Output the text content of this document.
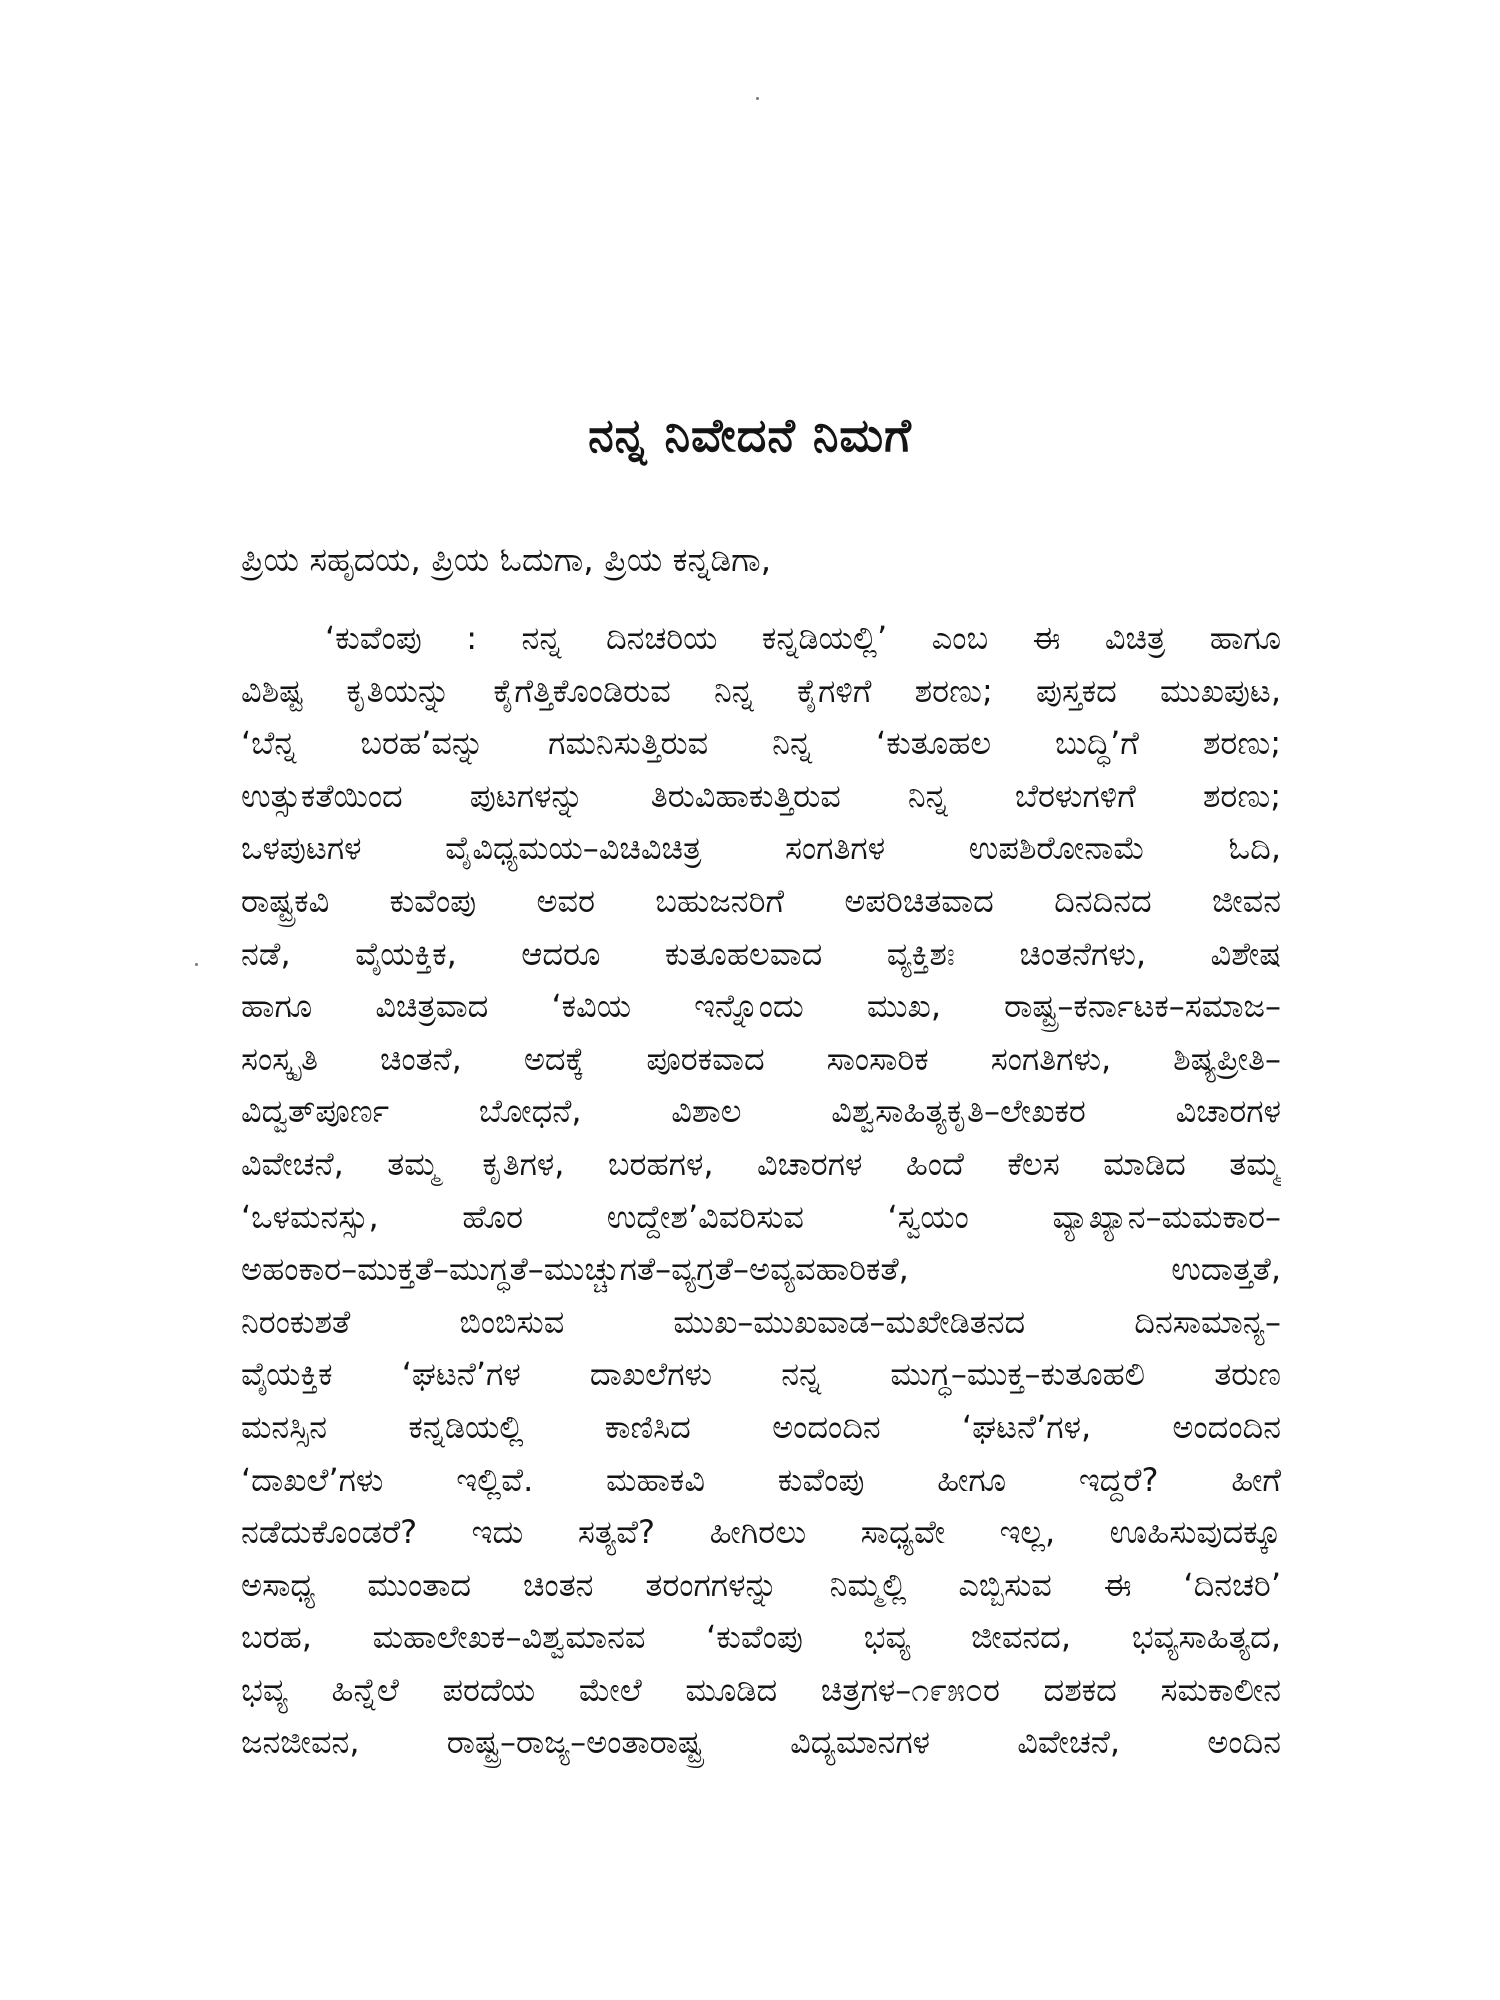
ನನ್ನ ನಿವೇದನೆ ನಿಮಗೆ
ಪ್ರಿಯ ಸಹೃದಯ, ಪ್ರಿಯ ಓದುಗಾ, ಪ್ರಿಯ ಕನ್ನಡಿಗಾ,
‘ಕುವೆಂಪು : ನನ್ನ ದಿನಚರಿಯ ಕನ್ನಡಿಯಲ್ಲಿ’ ಎಂಬ ಈ ವಿಚಿತ್ರ ಹಾಗೂ
ವಿಶಿಷ್ಟ ಕೃತಿಯನ್ನು ಕೈಗೆತ್ತಿಕೊಂಡಿರುವ ನಿನ್ನ ಕೈಗಳಿಗೆ ಶರಣು; ಪುಸ್ತಕದ ಮುಖಪುಟ,
‘ಬೆನ್ನ ಬರಹ’ವನ್ನು ಗಮನಿಸುತ್ತಿರುವ ನಿನ್ನ ‘ಕುತೂಹಲ ಬುದ್ಧಿ’ಗೆ ಶರಣು;
ಉತ್ಸುಕತೆಯಿಂದ ಪುಟಗಳನ್ನು ತಿರುವಿಹಾಕುತ್ತಿರುವ ನಿನ್ನ ಬೆರಳುಗಳಿಗೆ ಶರಣು;
ಒಳಪುಟಗಳ ವೈವಿಧ್ಯಮಯ–ವಿಚಿವಿಚಿತ್ರ ಸಂಗತಿಗಳ ಉಪಶಿರೋನಾಮೆ ಓದಿ,
ರಾಷ್ಟ್ರಕವಿ ಕುವೆಂಪು ಅವರ ಬಹುಜನರಿಗೆ ಅಪರಿಚಿತವಾದ ದಿನದಿನದ ಜೀವನ
ನಡೆ, ವೈಯಕ್ತಿಕ, ಆದರೂ ಕುತೂಹಲವಾದ ವ್ಯಕ್ತಿಶಃ ಚಿಂತನೆಗಳು, ವಿಶೇಷ
ಹಾಗೂ ವಿಚಿತ್ರವಾದ ‘ಕವಿಯ ಇನ್ನೊಂದು ಮುಖ, ರಾಷ್ಟ್ರ–ಕರ್ನಾಟಕ–ಸಮಾಜ–
ಸಂಸ್ಕೃತಿ ಚಿಂತನೆ, ಅದಕ್ಕೆ ಪೂರಕವಾದ ಸಾಂಸಾರಿಕ ಸಂಗತಿಗಳು, ಶಿಷ್ಯಪ್ರೀತಿ–
ವಿದ್ವತ್‌ಪೂರ್ಣ ಬೋಧನೆ, ವಿಶಾಲ ವಿಶ್ವಸಾಹಿತ್ಯಕೃತಿ–ಲೇಖಕರ ವಿಚಾರಗಳ
ವಿವೇಚನೆ, ತಮ್ಮ ಕೃತಿಗಳ, ಬರಹಗಳ, ವಿಚಾರಗಳ ಹಿಂದೆ ಕೆಲಸ ಮಾಡಿದ ತಮ್ಮ
‘ಒಳಮನಸ್ಸು, ಹೊರ ಉದ್ದೇಶ’ವಿವರಿಸುವ ‘ಸ್ವಯಂ ವ್ಯಾಖ್ಯಾನ–ಮಮಕಾರ–
ಅಹಂಕಾರ–ಮುಕ್ತತೆ–ಮುಗ್ಧತೆ–ಮುಚ್ಚುಗತೆ–ವ್ಯಗ್ರತೆ–ಅವ್ಯವಹಾರಿಕತೆ, ಉದಾತ್ತತೆ,
ನಿರಂಕುಶತೆ ಬಿಂಬಿಸುವ ಮುಖ–ಮುಖವಾಡ–ಮಖೇಡಿತನದ ದಿನಸಾಮಾನ್ಯ–
ವೈಯಕ್ತಿಕ ‘ಘಟನೆ’ಗಳ ದಾಖಲೆಗಳು ನನ್ನ ಮುಗ್ಧ–ಮುಕ್ತ–ಕುತೂಹಲಿ ತರುಣ
ಮನಸ್ಸಿನ ಕನ್ನಡಿಯಲ್ಲಿ ಕಾಣಿಸಿದ ಅಂದಂದಿನ ‘ಘಟನೆ’ಗಳ, ಅಂದಂದಿನ
‘ದಾಖಲೆ’ಗಳು ಇಲ್ಲಿವೆ. ಮಹಾಕವಿ ಕುವೆಂಪು ಹೀಗೂ ಇದ್ದರೆ? ಹೀಗೆ
ನಡೆದುಕೊಂಡರೆ? ಇದು ಸತ್ಯವೆ? ಹೀಗಿರಲು ಸಾಧ್ಯವೇ ಇಲ್ಲ, ಊಹಿಸುವುದಕ್ಕೂ
ಅಸಾಧ್ಯ ಮುಂತಾದ ಚಿಂತನ ತರಂಗಗಳನ್ನು ನಿಮ್ಮಲ್ಲಿ ಎಬ್ಬಿಸುವ ಈ ‘ದಿನಚರಿ’
ಬರಹ, ಮಹಾಲೇಖಕ–ವಿಶ್ವಮಾನವ ‘ಕುವೆಂಪು ಭವ್ಯ ಜೀವನದ, ಭವ್ಯಸಾಹಿತ್ಯದ,
ಭವ್ಯ ಹಿನ್ನೆಲೆ ಪರದೆಯ ಮೇಲೆ ಮೂಡಿದ ಚಿತ್ರಗಳ–೧೯೫೦ರ ದಶಕದ ಸಮಕಾಲೀನ
ಜನಜೀವನ, ರಾಷ್ಟ್ರ–ರಾಜ್ಯ–ಅಂತಾರಾಷ್ಟ್ರ ವಿದ್ಯಮಾನಗಳ ವಿವೇಚನೆ, ಅಂದಿನ
